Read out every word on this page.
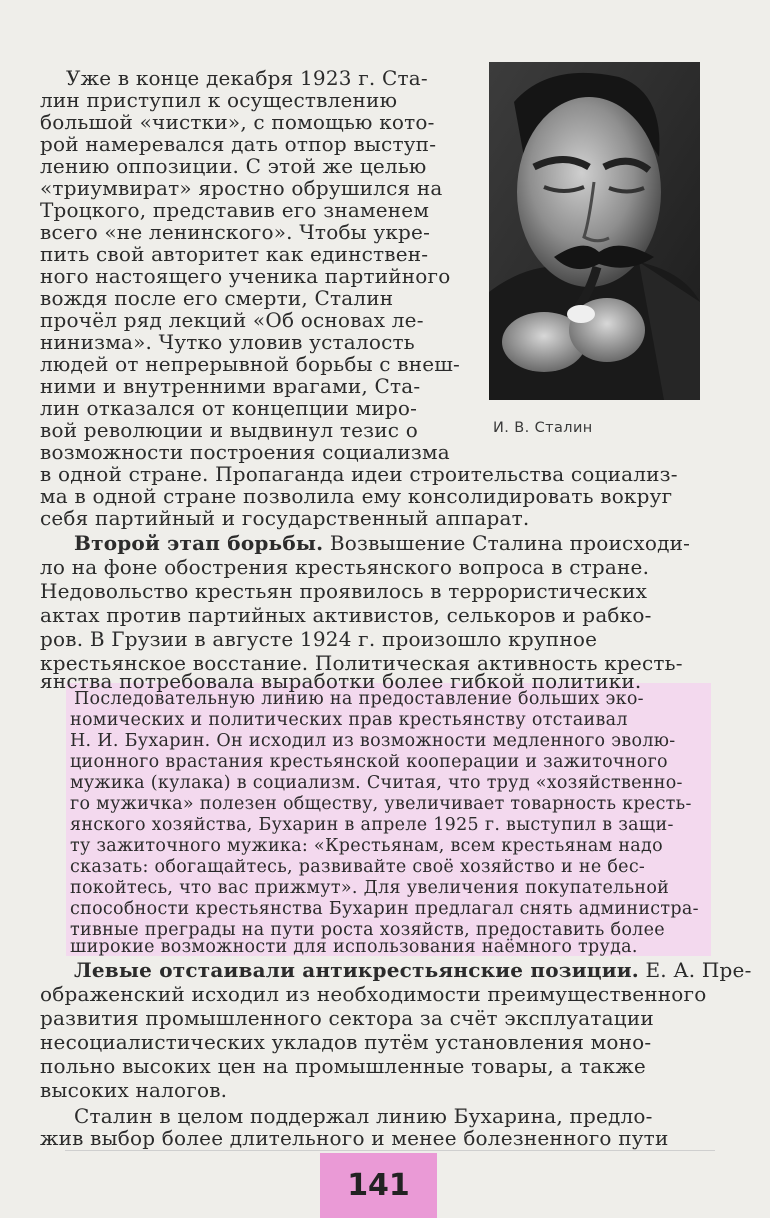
И. В. Сталин
Уже в конце декабря 1923 г. Ста-
лин приступил к осуществлению
большой «чистки», с помощью кото-
рой намеревался дать отпор выступ-
лению оппозиции. С этой же целью
«триумвират» яростно обрушился на
Троцкого, представив его знаменем
всего «не ленинского». Чтобы укре-
пить свой авторитет как единствен-
ного настоящего ученика партийного
вождя после его смерти, Сталин
прочёл ряд лекций «Об основах ле-
нинизма». Чутко уловив усталость
людей от непрерывной борьбы с внеш-
ними и внутренними врагами, Ста-
лин отказался от концепции миро-
вой революции и выдвинул тезис о
возможности построения социализма
в одной стране. Пропаганда идеи строительства социализ-
ма в одной стране позволила ему консолидировать вокруг
себя партийный и государственный аппарат.
Второй этап борьбы. Возвышение Сталина происходи-
ло на фоне обострения крестьянского вопроса в стране.
Недовольство крестьян проявилось в террористических
актах против партийных активистов, селькоров и рабко-
ров. В Грузии в августе 1924 г. произошло крупное
крестьянское восстание. Политическая активность кресть-
янства потребовала выработки более гибкой политики.
Последовательную линию на предоставление больших эко-
номических и политических прав крестьянству отстаивал
Н. И. Бухарин. Он исходил из возможности медленного эволю-
ционного врастания крестьянской кооперации и зажиточного
мужика (кулака) в социализм. Считая, что труд «хозяйственно-
го мужичка» полезен обществу, увеличивает товарность кресть-
янского хозяйства, Бухарин в апреле 1925 г. выступил в защи-
ту зажиточного мужика: «Крестьянам, всем крестьянам надо
сказать: обогащайтесь, развивайте своё хозяйство и не бес-
покойтесь, что вас прижмут». Для увеличения покупательной
способности крестьянства Бухарин предлагал снять администра-
тивные преграды на пути роста хозяйств, предоставить более
широкие возможности для использования наёмного труда.
Левые отстаивали антикрестьянские позиции. Е. А. Пре-
ображенский исходил из необходимости преимущественного
развития промышленного сектора за счёт эксплуатации
несоциалистических укладов путём установления моно-
польно высоких цен на промышленные товары, а также
высоких налогов.
Сталин в целом поддержал линию Бухарина, предло-
жив выбор более длительного и менее болезненного пути
141
